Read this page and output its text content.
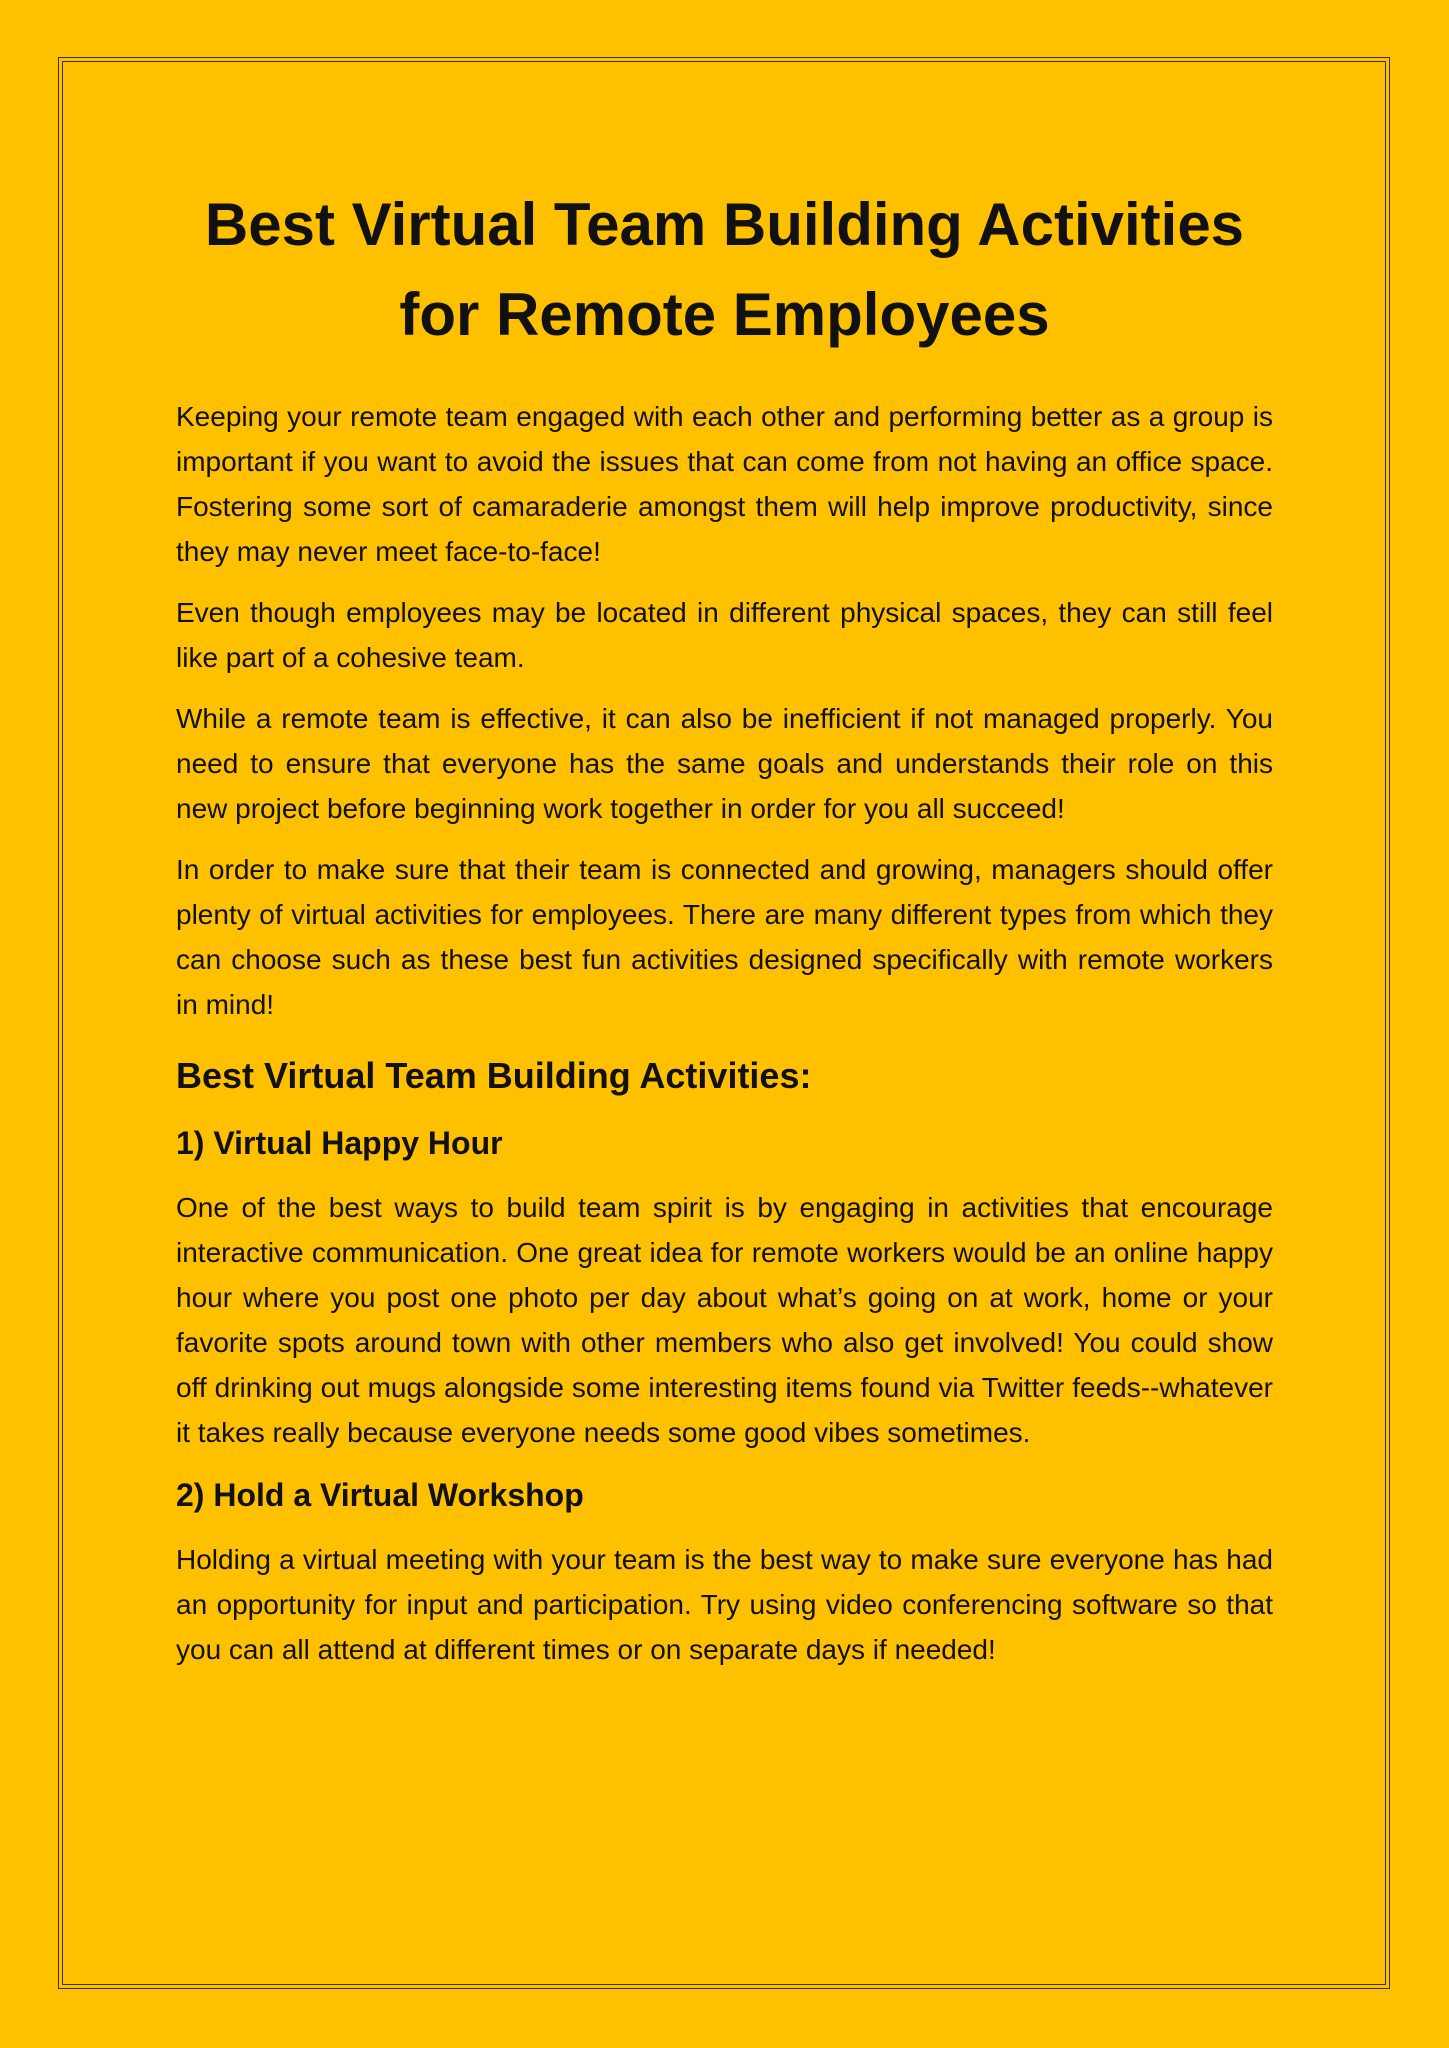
Best Virtual Team Building Activities
for Remote Employees

Keeping your remote team engaged with each other and performing better as a group is important if you want to avoid the issues that can come from not having an office space. Fostering some sort of camaraderie amongst them will help improve productivity, since they may never meet face-to-face!

Even though employees may be located in different physical spaces, they can still feel like part of a cohesive team.

While a remote team is effective, it can also be inefficient if not managed properly. You need to ensure that everyone has the same goals and understands their role on this new project before beginning work together in order for you all succeed!

In order to make sure that their team is connected and growing, managers should offer plenty of virtual activities for employees. There are many different types from which they can choose such as these best fun activities designed specifically with remote workers in mind!

Best Virtual Team Building Activities:
1) Virtual Happy Hour

One of the best ways to build team spirit is by engaging in activities that encourage interactive communication. One great idea for remote workers would be an online happy hour where you post one photo per day about what’s going on at work, home or your favorite spots around town with other members who also get involved! You could show off drinking out mugs alongside some interesting items found via Twitter feeds--whatever it takes really because everyone needs some good vibes sometimes.

2) Hold a Virtual Workshop

Holding a virtual meeting with your team is the best way to make sure everyone has had an opportunity for input and participation. Try using video conferencing software so that you can all attend at different times or on separate days if needed!
